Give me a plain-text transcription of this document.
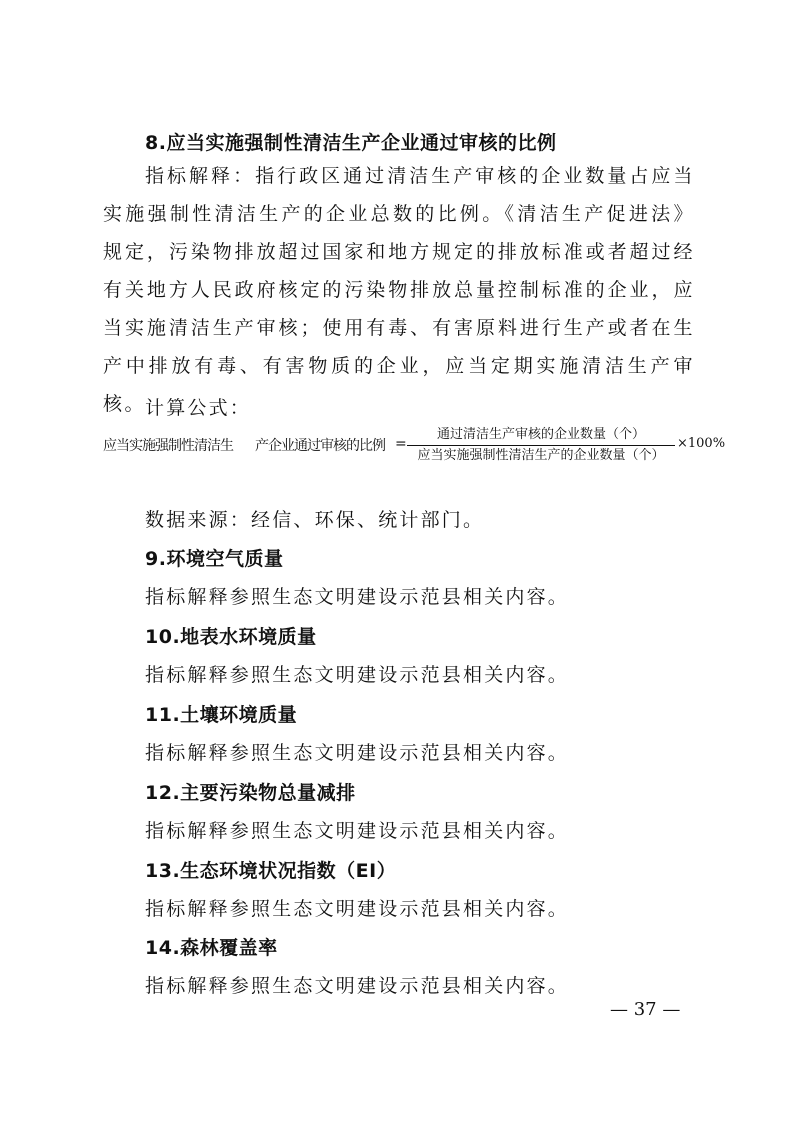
8.应当实施强制性清洁生产企业通过审核的比例

指标解释：指行政区通过清洁生产审核的企业数量占应当实施强制性清洁生产的企业总数的比例。《清洁生产促进法》规定，污染物排放超过国家和地方规定的排放标准或者超过经有关地方人民政府核定的污染物排放总量控制标准的企业，应当实施清洁生产审核；使用有毒、有害原料进行生产或者在生产中排放有毒、有害物质的企业，应当定期实施清洁生产审核。

计算公式：
应当实施强制性清洁生 产企业通过审核的比例 =
通过清洁生产审核的企业数量（个）
应当实施强制性清洁生产的企业数量（个）
×100%
数据来源：经信、环保、统计部门。
9.环境空气质量
指标解释参照生态文明建设示范县相关内容。
10.地表水环境质量
指标解释参照生态文明建设示范县相关内容。
11.土壤环境质量
指标解释参照生态文明建设示范县相关内容。
12.主要污染物总量减排
指标解释参照生态文明建设示范县相关内容。
13.生态环境状况指数（EI）
指标解释参照生态文明建设示范县相关内容。
14.森林覆盖率
指标解释参照生态文明建设示范县相关内容。
— 37 —
